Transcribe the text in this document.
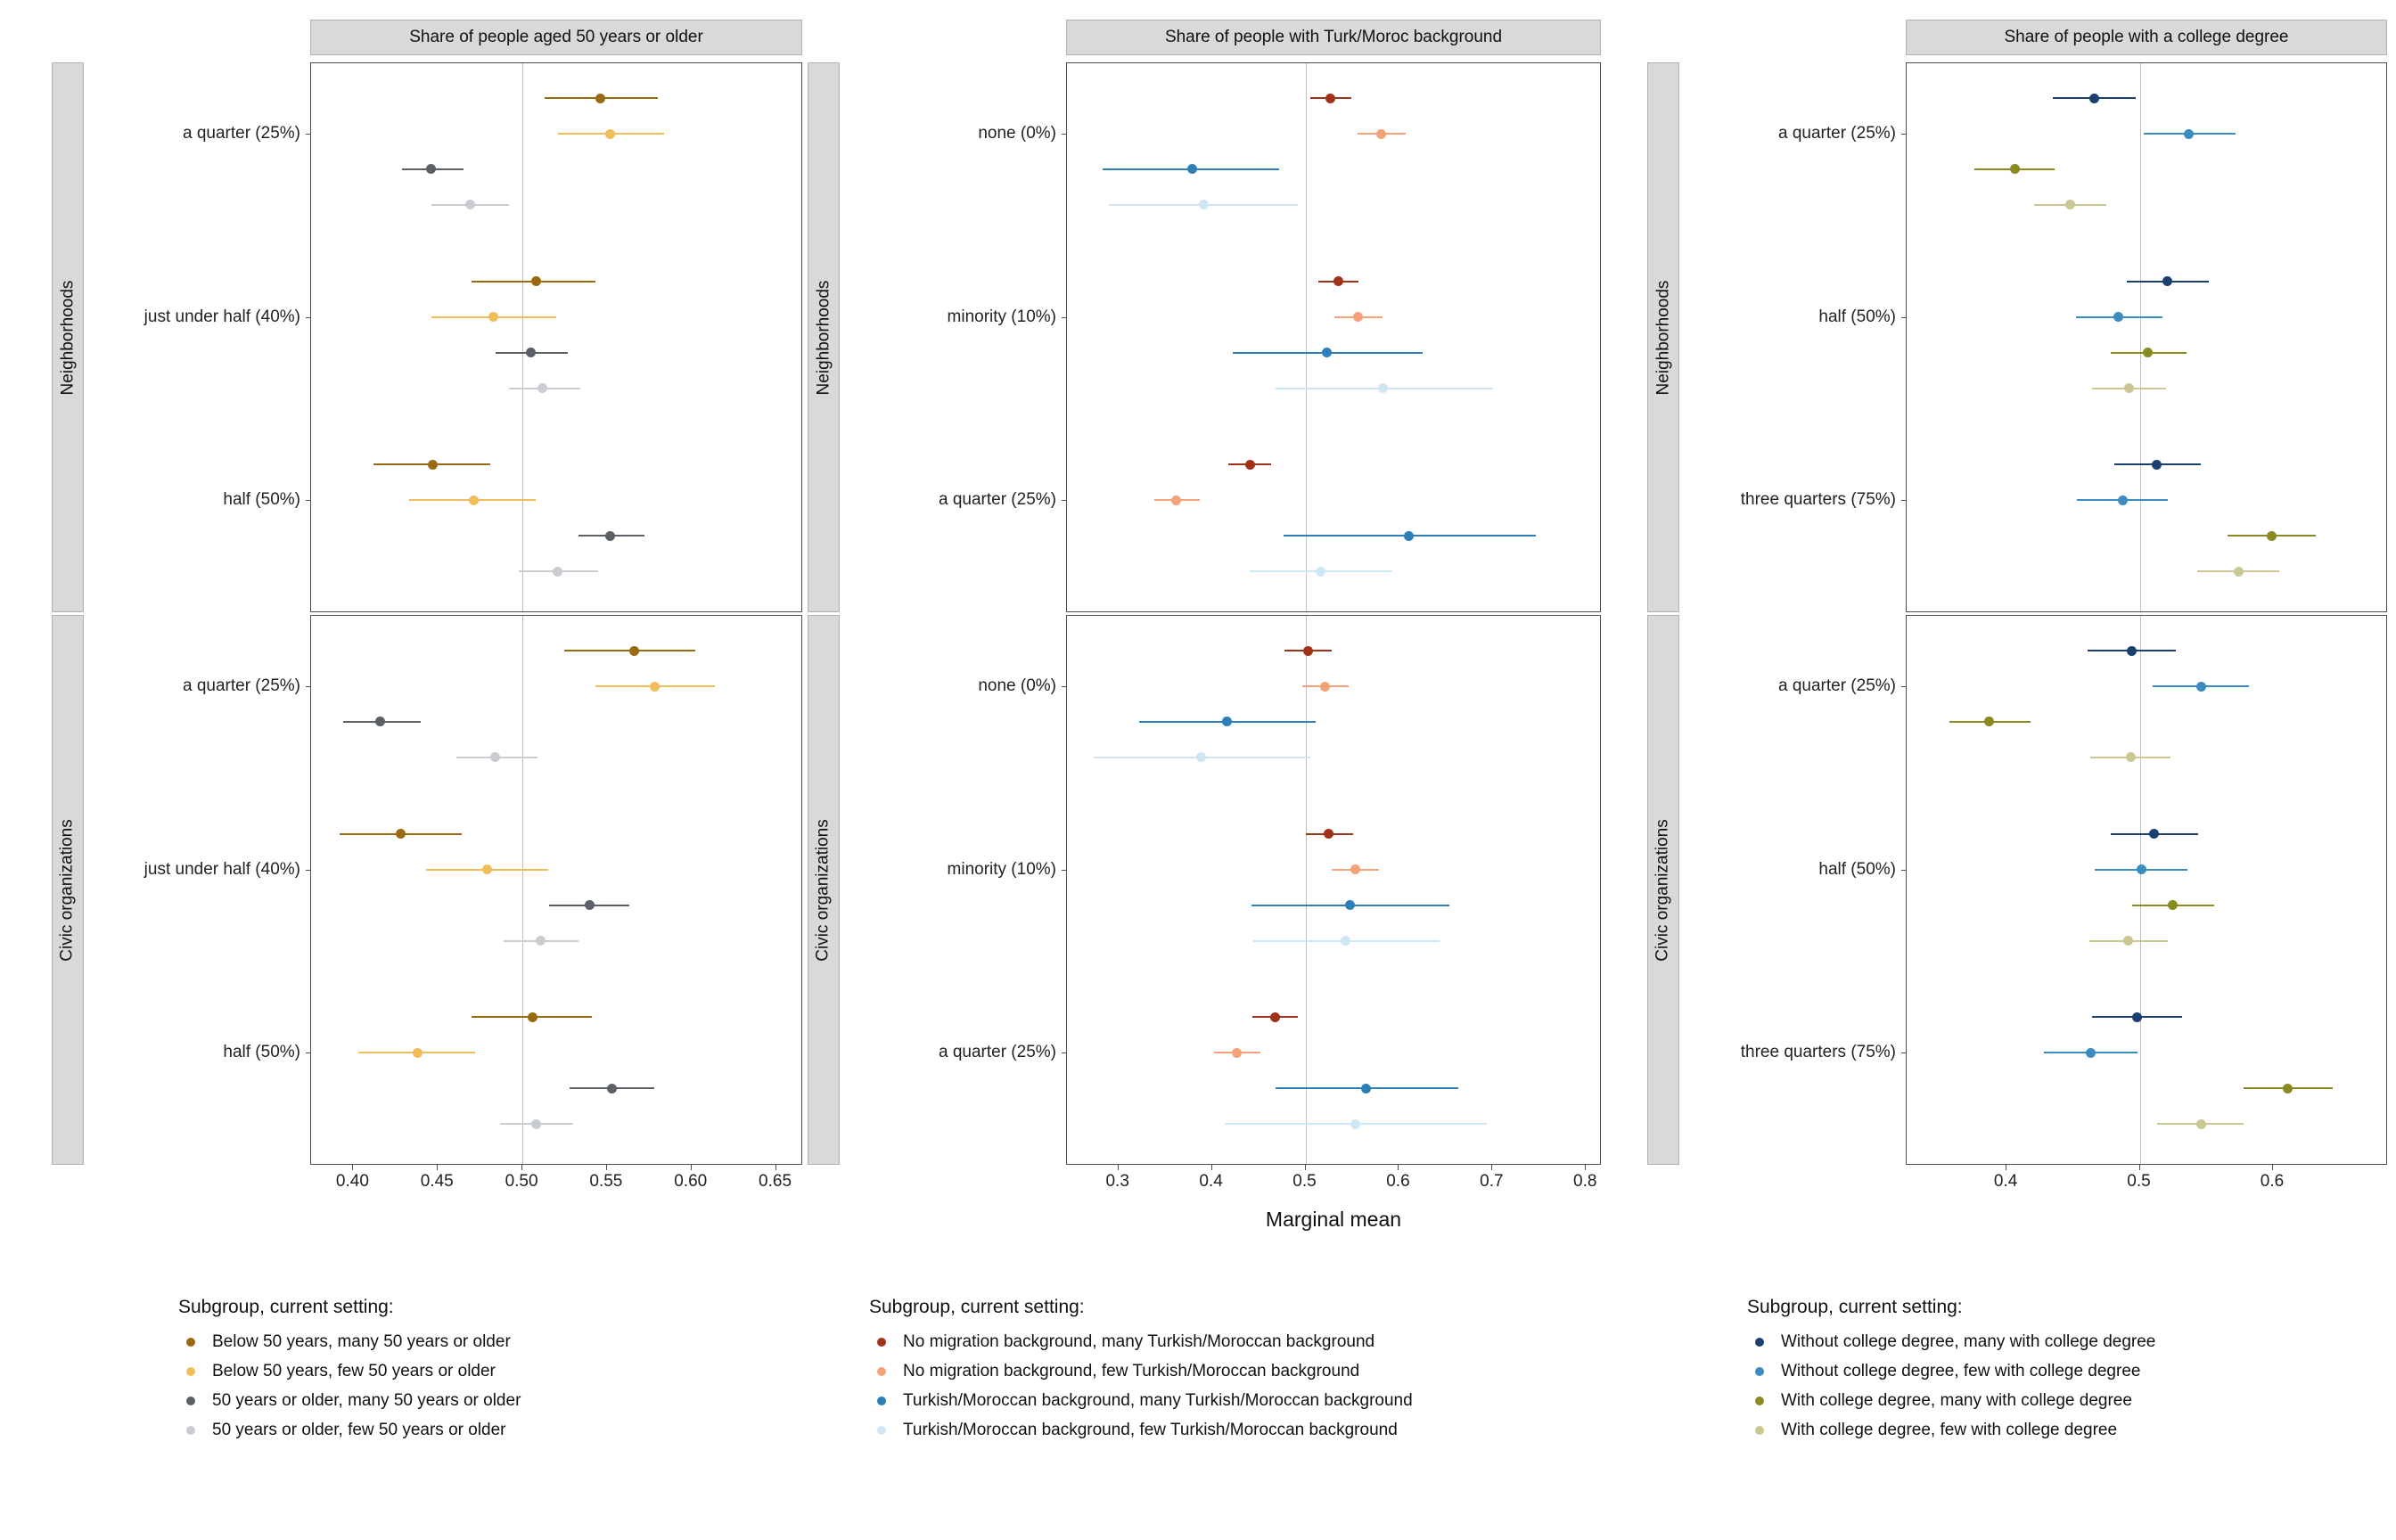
Share of people aged 50 years or older	Share of people with Turk/Moroc background	Share of people with a college degree
Neighborhoods
Civic organizations
Neighborhoods
Civic organizations
Neighborhoods
Civic organizations
a quarter (25%)
just under half (40%)
half (50%)
a quarter (25%)
just under half (40%)
half (50%)
0.40	0.45	0.50	0.55	0.60	0.65
none (0%)
minority (10%)
a quarter (25%)
none (0%)
minority (10%)
a quarter (25%)
0.3	0.4	0.5	0.6	0.7	0.8
a quarter (25%)
half (50%)
three quarters (75%)
a quarter (25%)
half (50%)
three quarters (75%)
0.4	0.5	0.6
Marginal mean
Subgroup, current setting:
Below 50 years, many 50 years or older
Below 50 years, few 50 years or older
50 years or older, many 50 years or older
50 years or older, few 50 years or older
Subgroup, current setting:
No migration background, many Turkish/Moroccan background
No migration background, few Turkish/Moroccan background
Turkish/Moroccan background, many Turkish/Moroccan background
Turkish/Moroccan background, few Turkish/Moroccan background
Subgroup, current setting:
Without college degree, many with college degree
Without college degree, few with college degree
With college degree, many with college degree
With college degree, few with college degree
